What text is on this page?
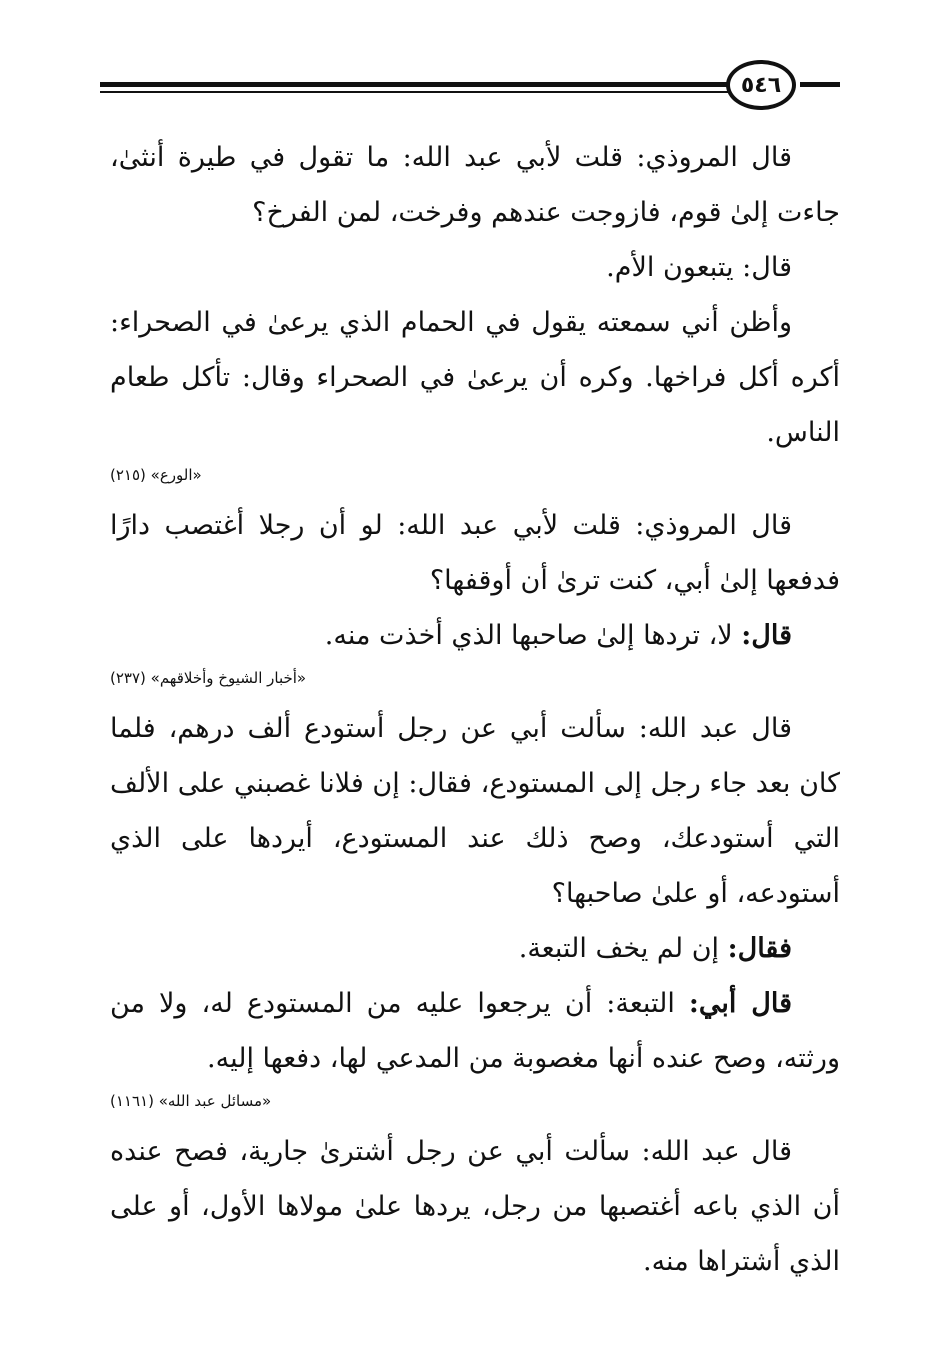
٥٤٦

قال المروذي: قلت لأبي عبد الله: ما تقول في طيرة أنثىٰ، جاءت إلىٰ قوم، فازوجت عندهم وفرخت، لمن الفرخ؟

قال: يتبعون الأم.

وأظن أني سمعته يقول في الحمام الذي يرعىٰ في الصحراء: أكره أكل فراخها. وكره أن يرعىٰ في الصحراء وقال: تأكل طعام الناس.

«الورع» (٢١٥)

قال المروذي: قلت لأبي عبد الله: لو أن رجلا أغتصب دارًا فدفعها إلىٰ أبي، كنت ترىٰ أن أوقفها؟

قال: لا، تردها إلىٰ صاحبها الذي أخذت منه.

«أخبار الشيوخ وأخلاقهم» (٢٣٧)

قال عبد الله: سألت أبي عن رجل أستودع ألف درهم، فلما كان بعد جاء رجل إلى المستودع، فقال: إن فلانا غصبني على الألف التي أستودعك، وصح ذلك عند المستودع، أيردها على الذي أستودعه، أو علىٰ صاحبها؟

فقال: إن لم يخف التبعة.

قال أبي: التبعة: أن يرجعوا عليه من المستودع له، ولا من ورثته، وصح عنده أنها مغصوبة من المدعي لها، دفعها إليه.

«مسائل عبد الله» (١١٦١)

قال عبد الله: سألت أبي عن رجل أشترىٰ جارية، فصح عنده أن الذي باعه أغتصبها من رجل، يردها علىٰ مولاها الأول، أو على الذي أشتراها منه.
